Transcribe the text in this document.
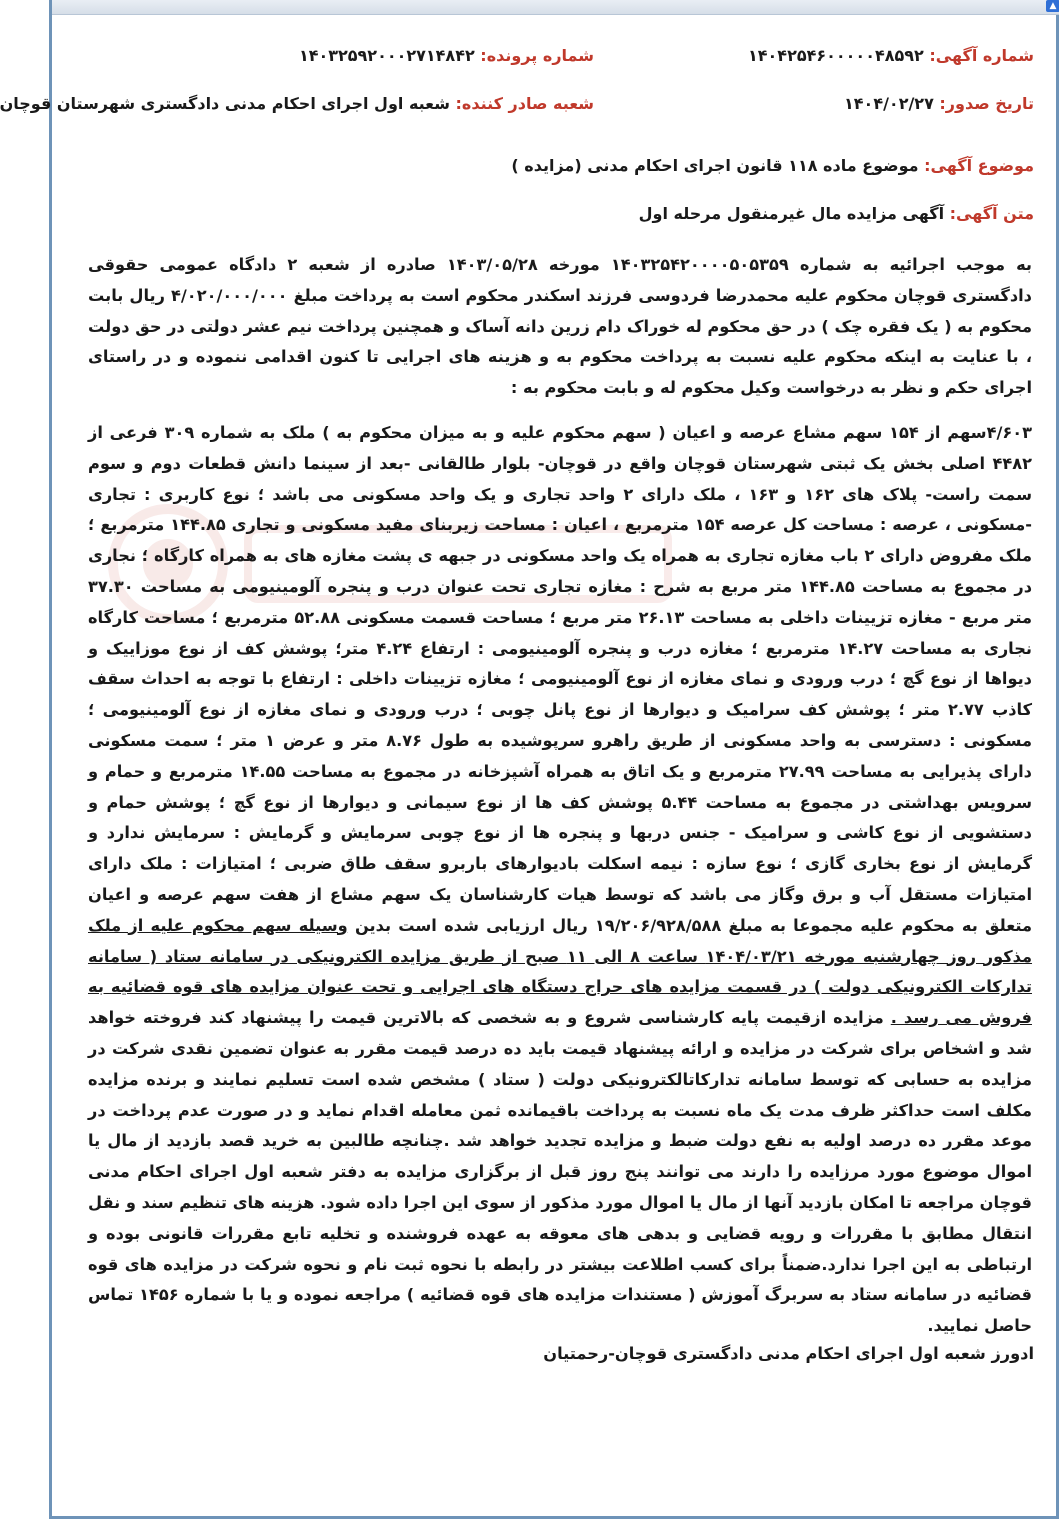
▲
شماره آگهی: ۱۴۰۴۲۵۴۶۰۰۰۰۰۴۸۵۹۲
شماره پرونده: ۱۴۰۳۲۵۹۲۰۰۰۲۷۱۴۸۴۲
تاریخ صدور: ۱۴۰۴/۰۲/۲۷
شعبه صادر کننده: شعبه اول اجرای احکام مدنی دادگستری شهرستان قوچان
موضوع آگهی: موضوع ماده ۱۱۸ قانون اجرای احکام مدنی (مزایده )
متن آگهی: آگهی مزایده مال غیرمنقول مرحله اول

به موجب اجرائیه به شماره ۱۴۰۳۲۵۴۲۰۰۰۰۵۰۵۳۵۹ مورخه ۱۴۰۳/۰۵/۲۸ صادره از شعبه ۲ دادگاه عمومی حقوقی دادگستری قوچان محکوم علیه محمدرضا فردوسی فرزند اسکندر محکوم است به پرداخت مبلغ ۴/۰۲۰/۰۰۰/۰۰۰ ریال بابت محکوم به ( یک فقره چک ) در حق محکوم له خوراک دام زرین دانه آساک و همچنین پرداخت نیم عشر دولتی در حق دولت ، با عنایت به اینکه محکوم علیه نسبت به پرداخت محکوم به و هزینه های اجرایی تا کنون اقدامی ننموده و در راستای اجرای حکم و نظر به درخواست وکیل محکوم له و بابت محکوم به :

۴/۶۰۳سهم از ۱۵۴ سهم مشاع عرصه و اعیان ( سهم محکوم علیه و به میزان محکوم به ) ملک به شماره ۳۰۹ فرعی از ۴۴۸۲ اصلی بخش یک ثبتی شهرستان قوچان واقع در قوچان- بلوار طالقانی -بعد از سینما دانش قطعات دوم و سوم سمت راست- پلاک های ۱۶۲ و ۱۶۳ ، ملک دارای ۲ واحد تجاری و یک واحد مسکونی می باشد ؛ نوع کاربری : تجاری -مسکونی ، عرصه : مساحت کل عرصه ۱۵۴ مترمربع ، اعیان : مساحت زیربنای مفید مسکونی و تجاری ۱۴۴.۸۵ مترمربع ؛ ملک مفروض دارای ۲ باب مغازه تجاری به همراه یک واحد مسکونی در جبهه ی پشت مغازه های به همراه کارگاه ؛ نجاری در مجموع به مساحت ۱۴۴.۸۵ متر مربع به شرح : مغازه تجاری تحت عنوان درب و پنجره آلومینیومی به مساحت ۳۷.۳۰ متر مربع - مغازه تزیینات داخلی به مساحت ۲۶.۱۳ متر مربع ؛ مساحت قسمت مسکونی ۵۲.۸۸ مترمربع ؛ مساحت کارگاه نجاری به مساحت ۱۴.۲۷ مترمربع ؛ مغازه درب و پنجره آلومینیومی : ارتفاع ۴.۲۴ متر؛ پوشش کف از نوع موزاییک و دیواها از نوع گچ ؛ درب ورودی و نمای مغازه از نوع آلومینیومی ؛ مغازه تزیینات داخلی : ارتفاع با توجه به احداث سقف کاذب ۲.۷۷ متر ؛ پوشش کف سرامیک و دیوارها از نوع پانل چوبی ؛ درب ورودی و نمای مغازه از نوع آلومینیومی ؛ مسکونی : دسترسی به واحد مسکونی از طریق راهرو سرپوشیده به طول ۸.۷۶ متر و عرض ۱ متر ؛ سمت مسکونی دارای پذیرایی به مساحت ۲۷.۹۹ مترمربع و یک اتاق به همراه آشپزخانه در مجموع به مساحت ۱۴.۵۵ مترمربع و حمام و سرویس بهداشتی در مجموع به مساحت ۵.۴۴ پوشش کف ها از نوع سیمانی و دیوارها از نوع گچ ؛ پوشش حمام و دستشویی از نوع کاشی و سرامیک - جنس دربها و پنجره ها از نوع چوبی سرمایش و گرمایش : سرمایش ندارد و گرمایش از نوع بخاری گازی ؛ نوع سازه : نیمه اسکلت بادیوارهای باربرو سقف طاق ضربی ؛ امتیازات : ملک دارای امتیازات مستقل آب و برق وگاز می باشد که توسط هیات کارشناسان یک سهم مشاع از هفت سهم عرصه و اعیان متعلق به محکوم علیه مجموعا به مبلغ ۱۹/۲۰۶/۹۲۸/۵۸۸ ریال ارزیابی شده است بدین وسیله سهم محکوم علیه از ملک مذکور روز چهارشنبه مورخه ۱۴۰۴/۰۳/۲۱ ساعت ۸ الی ۱۱ صبح از طریق مزایده الکترونیکی در سامانه ستاد ( سامانه تدارکات الکترونیکی دولت ) در قسمت مزایده های حراج دستگاه های اجرایی و تحت عنوان مزایده های قوه قضائیه به فروش می رسد . مزایده ازقیمت پایه کارشناسی شروع و به شخصی که بالاترین قیمت را پیشنهاد کند فروخته خواهد شد و اشخاص برای شرکت در مزایده و ارائه پیشنهاد قیمت باید ده درصد قیمت مقرر به عنوان تضمین نقدی شرکت در مزایده به حسابی که توسط سامانه تدارکاتالکترونیکی دولت ( ستاد ) مشخص شده است تسلیم نمایند و برنده مزایده مکلف است حداکثر ظرف مدت یک ماه نسبت به پرداخت باقیمانده ثمن معامله اقدام نماید و در صورت عدم پرداخت در موعد مقرر ده درصد اولیه به نفع دولت ضبط و مزایده تجدید خواهد شد .چنانچه طالبین به خرید قصد بازدید از مال یا اموال موضوع مورد مرزایده را دارند می توانند پنج روز قبل از برگزاری مزایده به دفتر شعبه اول اجرای احکام مدنی قوچان مراجعه تا امکان بازدید آنها از مال یا اموال مورد مذکور از سوی این اجرا داده شود. هزینه های تنظیم سند و نقل انتقال مطابق با مقررات و رویه قضایی و بدهی های معوقه به عهده فروشنده و تخلیه تابع مقررات قانونی بوده و ارتباطی به این اجرا ندارد.ضمناً برای کسب اطلاعت بیشتر در رابطه با نحوه ثبت نام و نحوه شرکت در مزایده های قوه قضائیه در سامانه ستاد به سربرگ آموزش ( مستندات مزایده های قوه قضائیه ) مراجعه نموده و یا با شماره ۱۴۵۶ تماس حاصل نمایید.

ادورز شعبه اول اجرای احکام مدنی دادگستری قوچان-رحمتیان
